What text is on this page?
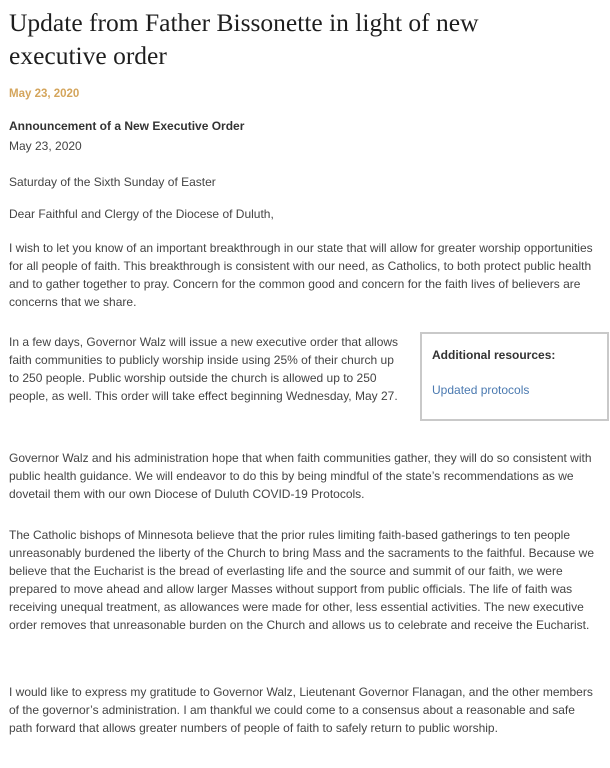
Update from Father Bissonette in light of new executive order
May 23, 2020

Announcement of a New Executive Order

May 23, 2020

Saturday of the Sixth Sunday of Easter

Dear Faithful and Clergy of the Diocese of Duluth,

I wish to let you know of an important breakthrough in our state that will allow for greater worship opportunities for all people of faith. This breakthrough is consistent with our need, as Catholics, to both protect public health and to gather together to pray. Concern for the common good and concern for the faith lives of believers are concerns that we share.

In a few days, Governor Walz will issue a new executive order that allows faith communities to publicly worship inside using 25% of their church up to 250 people. Public worship outside the church is allowed up to 250 people, as well. This order will take effect beginning Wednesday, May 27.

Governor Walz and his administration hope that when faith communities gather, they will do so consistent with public health guidance. We will endeavor to do this by being mindful of the state’s recommendations as we dovetail them with our own Diocese of Duluth COVID-19 Protocols.

The Catholic bishops of Minnesota believe that the prior rules limiting faith-based gatherings to ten people unreasonably burdened the liberty of the Church to bring Mass and the sacraments to the faithful. Because we believe that the Eucharist is the bread of everlasting life and the source and summit of our faith, we were prepared to move ahead and allow larger Masses without support from public officials. The life of faith was receiving unequal treatment, as allowances were made for other, less essential activities. The new executive order removes that unreasonable burden on the Church and allows us to celebrate and receive the Eucharist.

I would like to express my gratitude to Governor Walz, Lieutenant Governor Flanagan, and the other members of the governor’s administration. I am thankful we could come to a consensus about a reasonable and safe path forward that allows greater numbers of people of faith to safely return to public worship.

Additional resources:
Updated protocols
